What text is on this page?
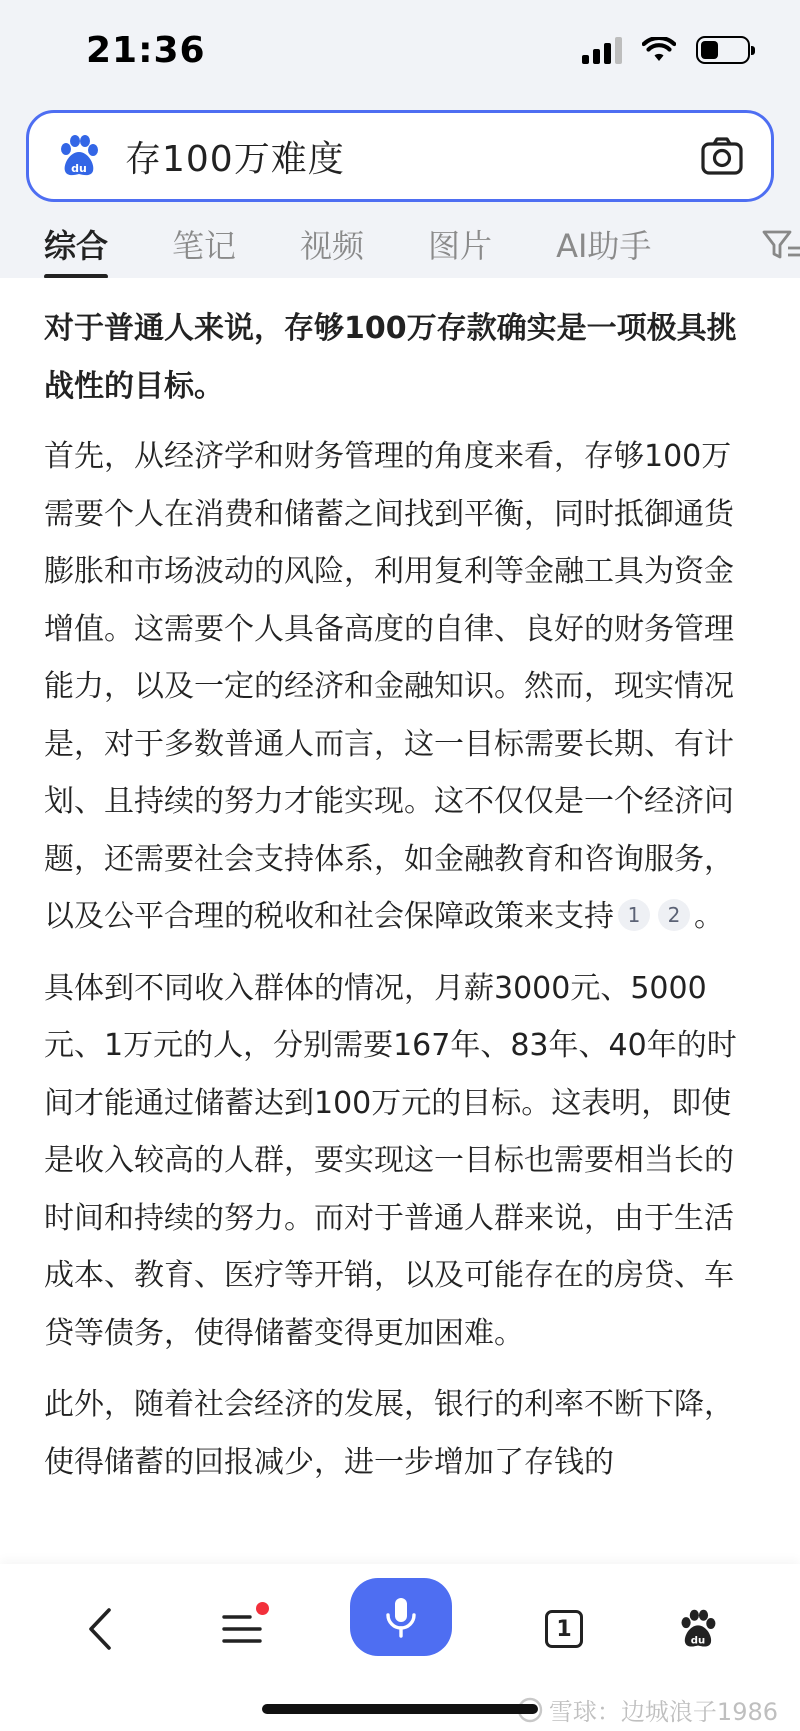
21:36
du 存100万难度
综合 笔记 视频 图片 AI助手

对于普通人来说，存够100万存款确实是一项极具挑战性的目标。

首先，从经济学和财务管理的角度来看，存够100万需要个人在消费和储蓄之间找到平衡，同时抵御通货膨胀和市场波动的风险，利用复利等金融工具为资金增值。这需要个人具备高度的自律、良好的财务管理能力，以及一定的经济和金融知识。然而，现实情况是，对于多数普通人而言，这一目标需要长期、有计划、且持续的努力才能实现。这不仅仅是一个经济问题，还需要社会支持体系，如金融教育和咨询服务，以及公平合理的税收和社会保障政策来支持 1 2 。

具体到不同收入群体的情况，月薪3000元、5000元、1万元的人，分别需要167年、83年、40年的时间才能通过储蓄达到100万元的目标。这表明，即使是收入较高的人群，要实现这一目标也需要相当长的时间和持续的努力。而对于普通人群来说，由于生活成本、教育、医疗等开销，以及可能存在的房贷、车贷等债务，使得储蓄变得更加困难。

此外，随着社会经济的发展，银行的利率不断下降，使得储蓄的回报减少，进一步增加了存钱的

1	du
雪球：边城浪子1986
